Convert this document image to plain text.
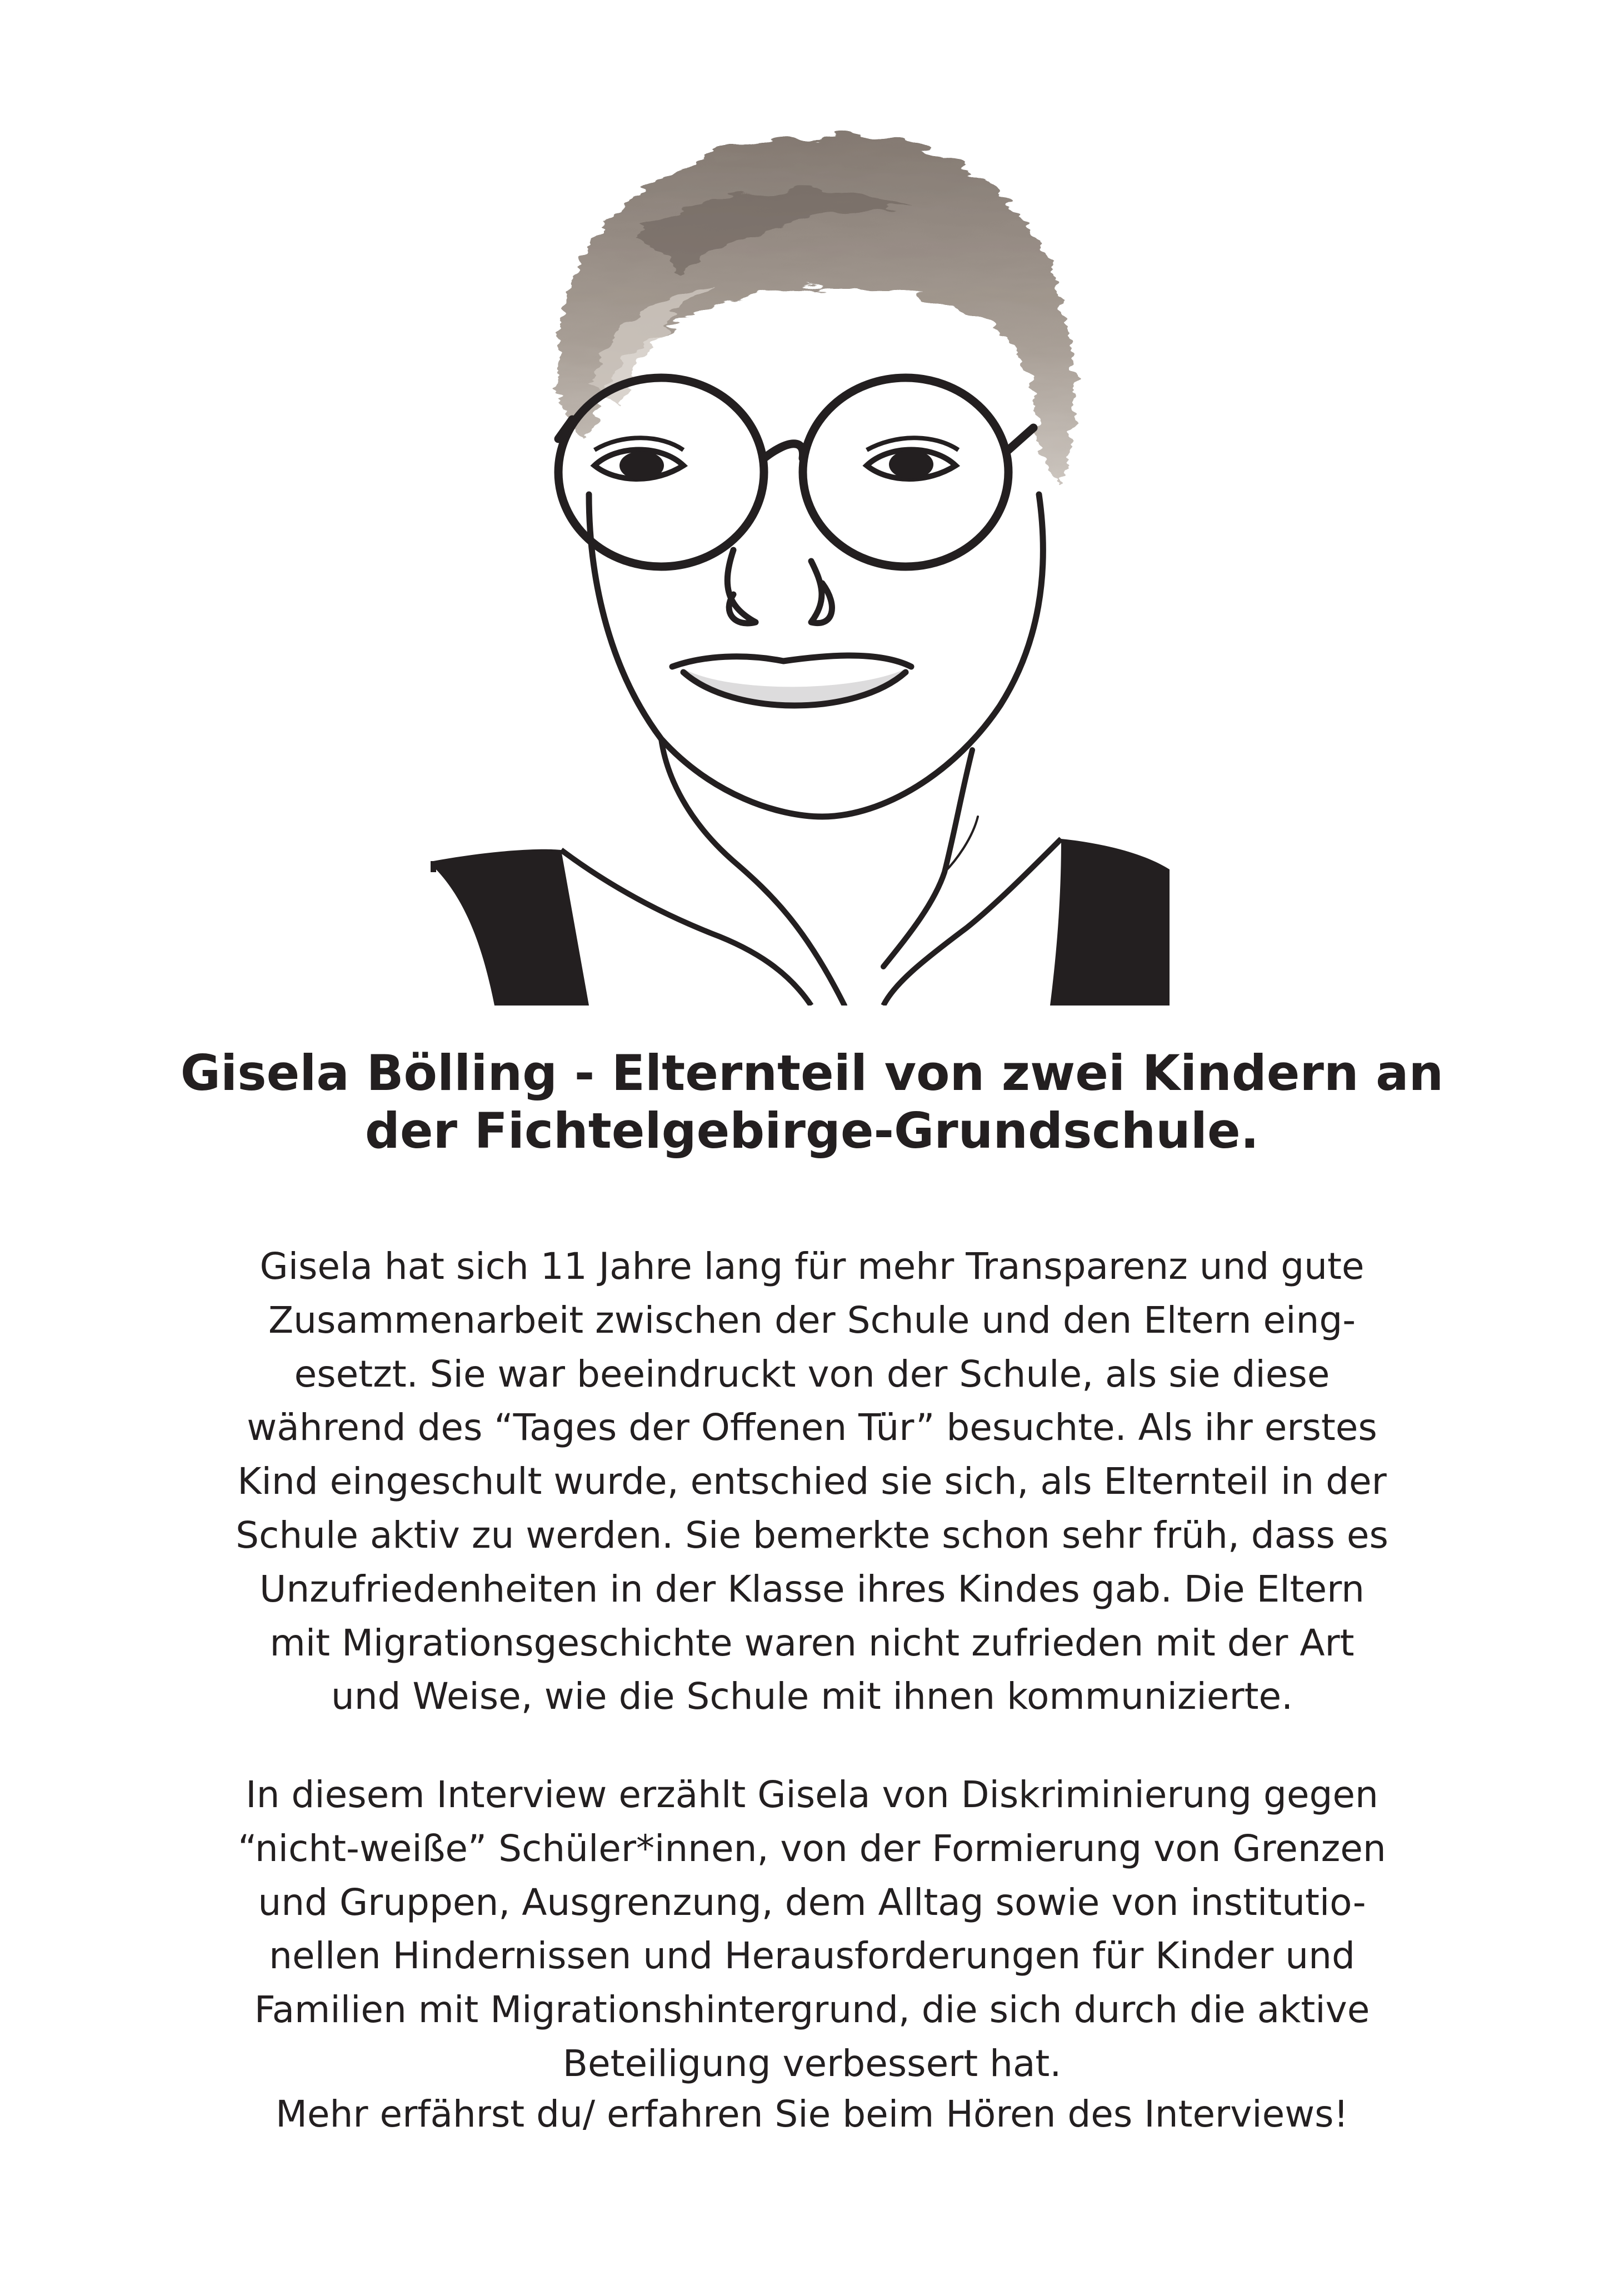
Gisela Bölling - Elternteil von zwei Kindern an
der Fichtelgebirge-Grundschule.

Gisela hat sich 11 Jahre lang für mehr Transparenz und gute
Zusammenarbeit zwischen der Schule und den Eltern eing-
esetzt. Sie war beeindruckt von der Schule, als sie diese
während des “Tages der Offenen Tür” besuchte. Als ihr erstes
Kind eingeschult wurde, entschied sie sich, als Elternteil in der
Schule aktiv zu werden. Sie bemerkte schon sehr früh, dass es
Unzufriedenheiten in der Klasse ihres Kindes gab. Die Eltern
mit Migrationsgeschichte waren nicht zufrieden mit der Art
und Weise, wie die Schule mit ihnen kommunizierte.

In diesem Interview erzählt Gisela von Diskriminierung gegen
“nicht-weiße” Schüler*innen, von der Formierung von Grenzen
und Gruppen, Ausgrenzung, dem Alltag sowie von institutio-
nellen Hindernissen und Herausforderungen für Kinder und
Familien mit Migrationshintergrund, die sich durch die aktive
Beteiligung verbessert hat.

Mehr erfährst du/ erfahren Sie beim Hören des Interviews!
